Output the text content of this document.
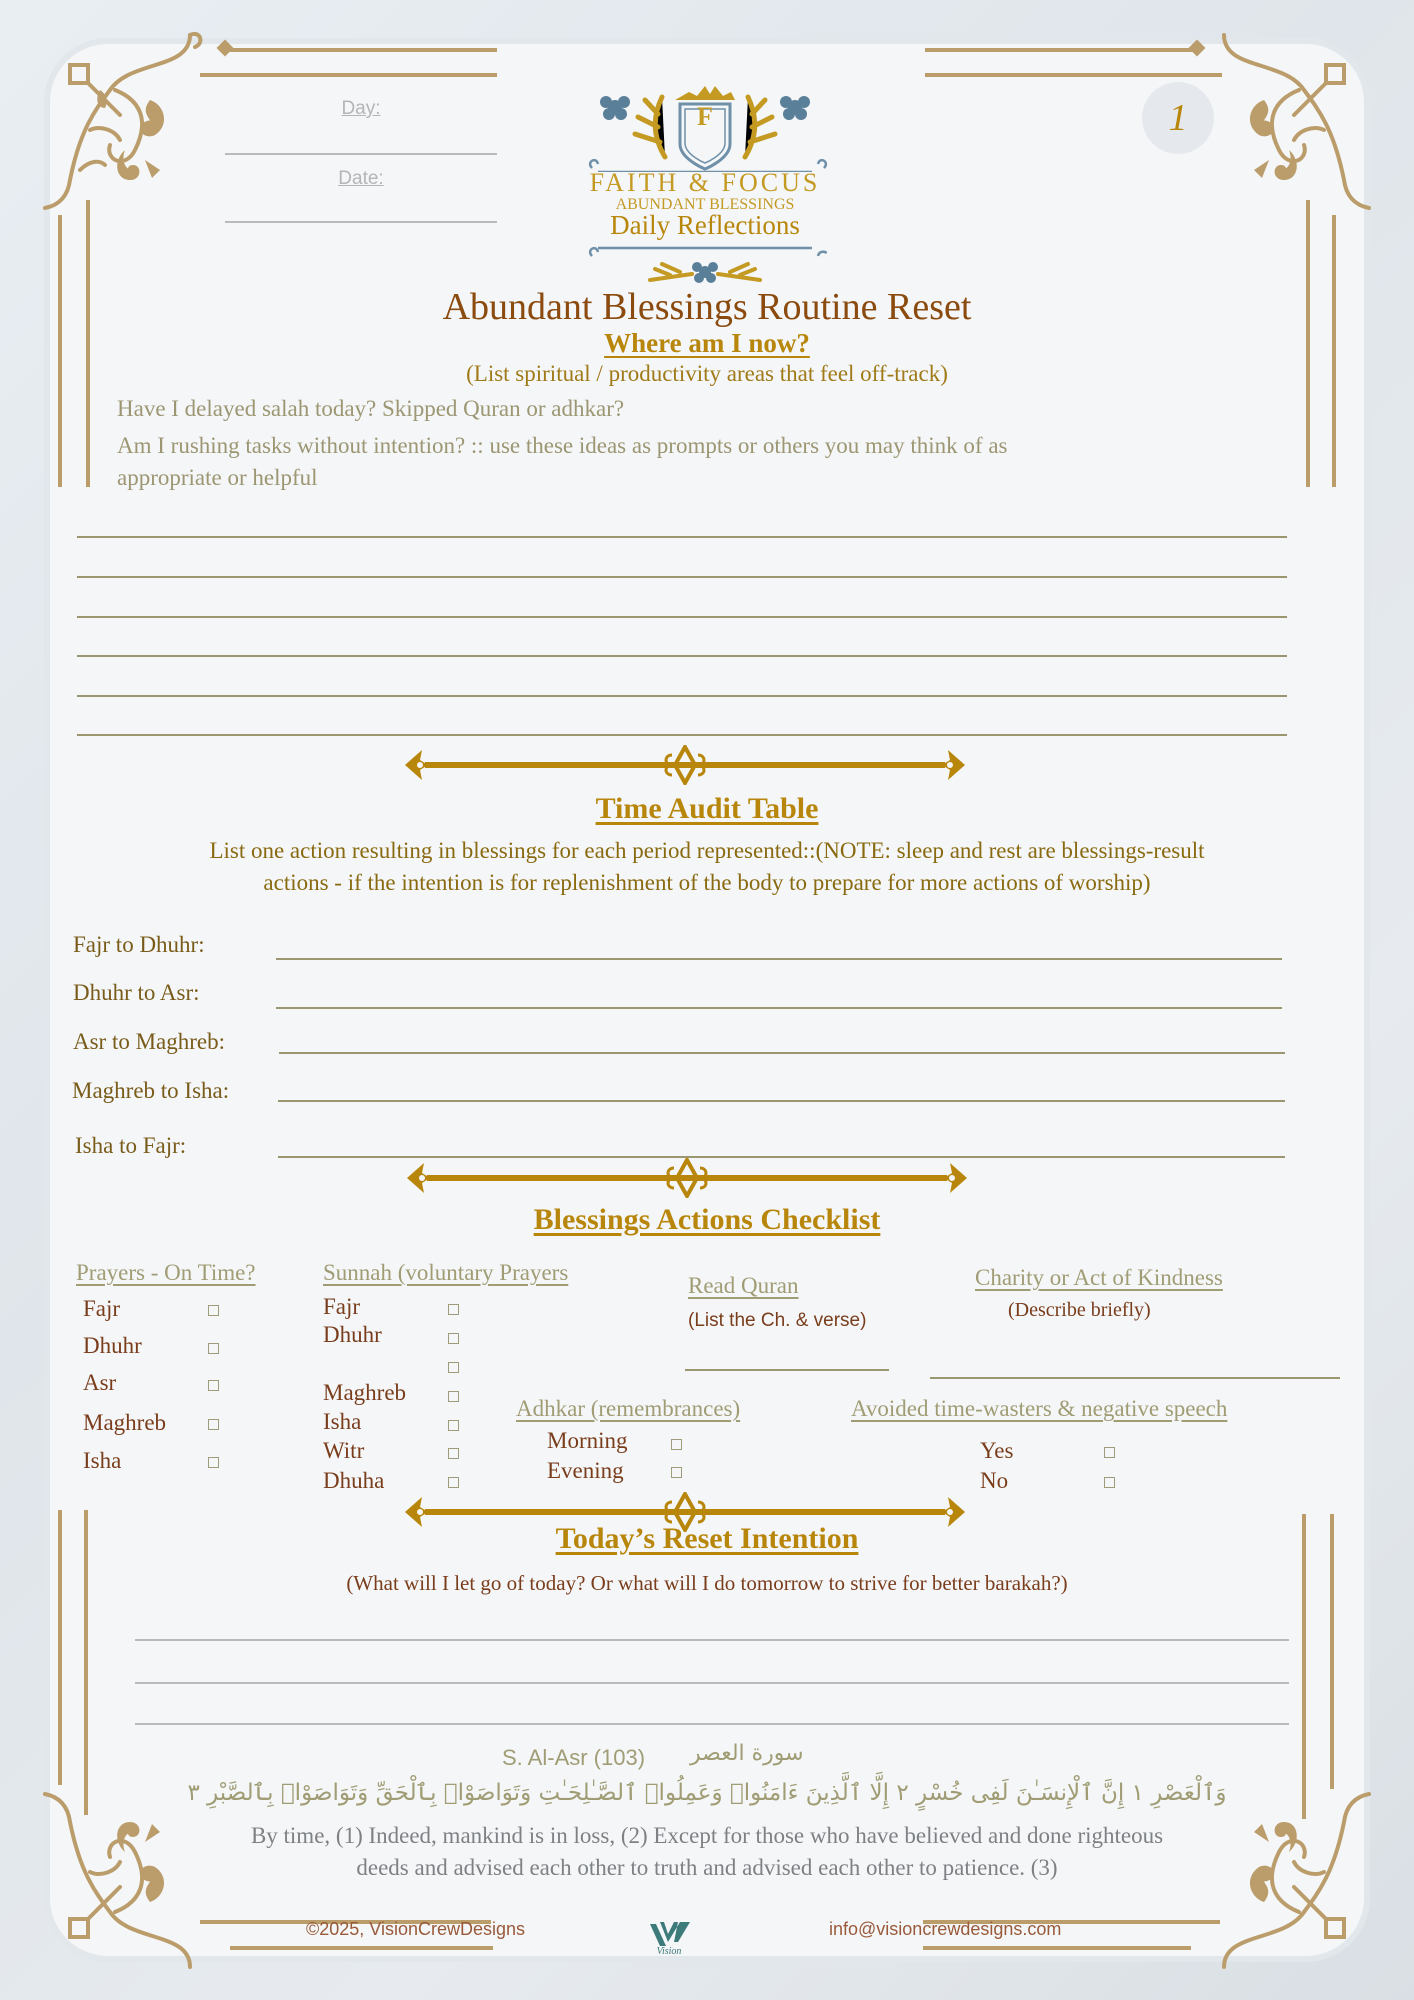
Day:
Date:
1
F
FAITH & FOCUS
ABUNDANT BLESSINGS
Daily Reflections
Abundant Blessings Routine Reset
Where am I now?
(List spiritual / productivity areas that feel off-track)
Have I delayed salah today? Skipped Quran or adhkar?
Am I rushing tasks without intention? :: use these ideas as prompts or others you may think of as
appropriate or helpful
Time Audit Table
List one action resulting in blessings for each period represented::(NOTE: sleep and rest are blessings-result
actions - if the intention is for replenishment of the body to prepare for more actions of worship)
Fajr to Dhuhr:
Dhuhr to Asr:
Asr to Maghreb:
Maghreb to Isha:
Isha to Fajr:
Blessings Actions Checklist
Prayers - On Time?
Fajr
Dhuhr
Asr
Maghreb
Isha
Sunnah (voluntary Prayers
Fajr
Dhuhr
Maghreb
Isha
Witr
Dhuha
Read Quran
(List the Ch. & verse)
Charity or Act of Kindness
(Describe briefly)
Adhkar (remembrances)
Morning
Evening
Avoided time-wasters & negative speech
Yes
No
Today’s Reset Intention
(What will I let go of today? Or what will I do tomorrow to strive for better barakah?)
S. Al-Asr (103) سورة العصر
وَٱلْعَصْرِ ١ إِنَّ ٱلْإِنسَـٰنَ لَفِى خُسْرٍ ٢ إِلَّا ٱلَّذِينَ ءَامَنُوا۟ وَعَمِلُوا۟ ٱلصَّـٰلِحَـٰتِ وَتَوَاصَوْا۟ بِٱلْحَقِّ وَتَوَاصَوْا۟ بِٱلصَّبْرِ ٣
By time, (1) Indeed, mankind is in loss, (2) Except for those who have believed and done righteous
deeds and advised each other to truth and advised each other to patience. (3)
©2025, VisionCrewDesigns
Vision
info@visioncrewdesigns.com
